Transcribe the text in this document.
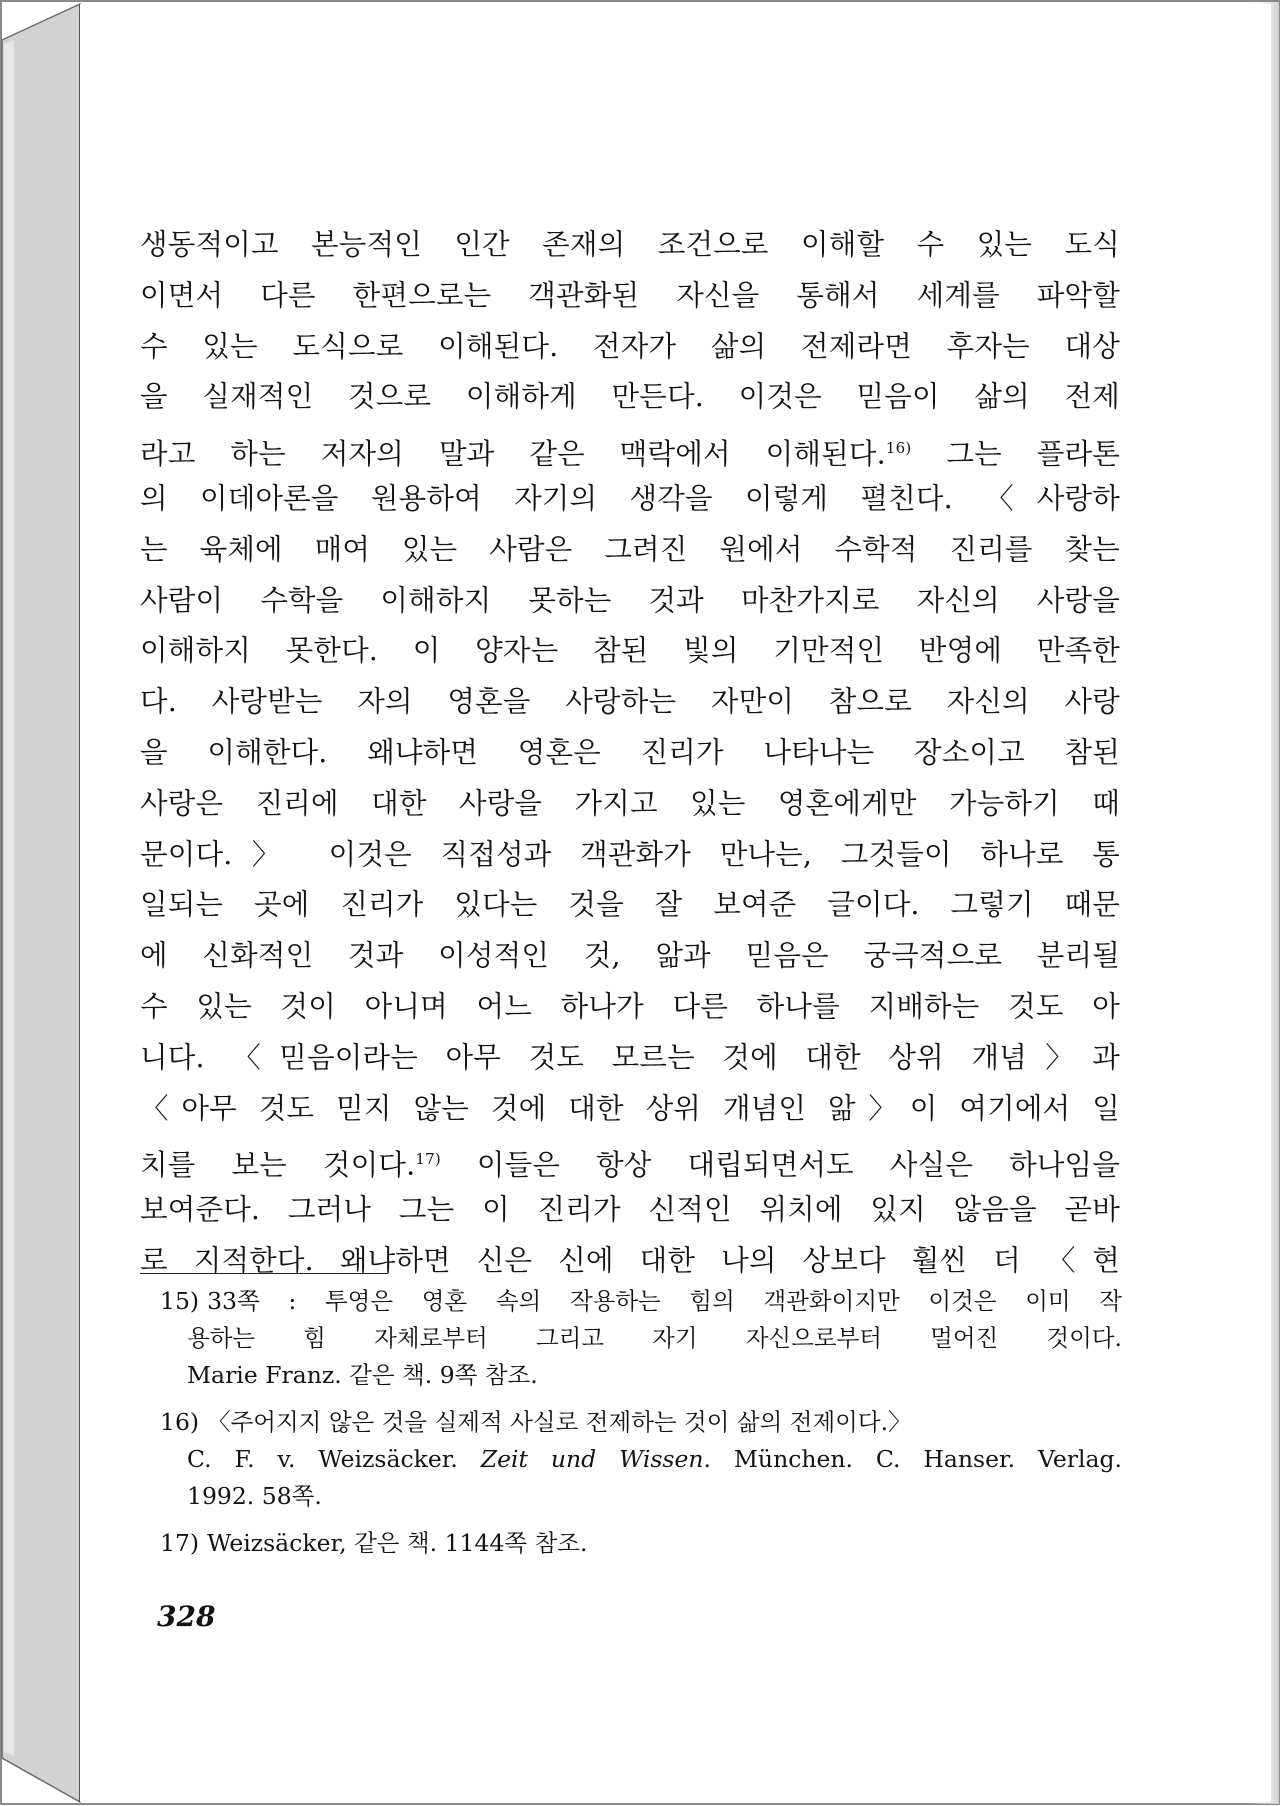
생동적이고 본능적인 인간 존재의 조건으로 이해할 수 있는 도식
이면서 다른 한편으로는 객관화된 자신을 통해서 세계를 파악할
수 있는 도식으로 이해된다. 전자가 삶의 전제라면 후자는 대상
을 실재적인 것으로 이해하게 만든다. 이것은 믿음이 삶의 전제
라고 하는 저자의 말과 같은 맥락에서 이해된다.$^{16)}$ 그는 플라톤
의 이데아론을 원용하여 자기의 생각을 이렇게 펼친다. 〈사랑하
는 육체에 매여 있는 사람은 그려진 원에서 수학적 진리를 찾는
사람이 수학을 이해하지 못하는 것과 마찬가지로 자신의 사랑을
이해하지 못한다. 이 양자는 참된 빛의 기만적인 반영에 만족한
다. 사랑받는 자의 영혼을 사랑하는 자만이 참으로 자신의 사랑
을 이해한다. 왜냐하면 영혼은 진리가 나타나는 장소이고 참된
사랑은 진리에 대한 사랑을 가지고 있는 영혼에게만 가능하기 때
문이다.〉 이것은 직접성과 객관화가 만나는, 그것들이 하나로 통
일되는 곳에 진리가 있다는 것을 잘 보여준 글이다. 그렇기 때문
에 신화적인 것과 이성적인 것, 앎과 믿음은 궁극적으로 분리될
수 있는 것이 아니며 어느 하나가 다른 하나를 지배하는 것도 아
니다. 〈믿음이라는 아무 것도 모르는 것에 대한 상위 개념〉과
〈아무 것도 믿지 않는 것에 대한 상위 개념인 앎〉이 여기에서 일
치를 보는 것이다.$^{17)}$ 이들은 항상 대립되면서도 사실은 하나임을
보여준다. 그러나 그는 이 진리가 신적인 위치에 있지 않음을 곧바
로 지적한다. 왜냐하면 신은 신에 대한 나의 상보다 훨씬 더 〈현
15) 33쪽 : 투영은 영혼 속의 작용하는 힘의 객관화이지만 이것은 이미 작
용하는 힘 자체로부터 그리고 자기 자신으로부터 멀어진 것이다.
Marie Franz. 같은 책. 9쪽 참조.
16) 〈주어지지 않은 것을 실제적 사실로 전제하는 것이 삶의 전제이다.〉
C. F. v. Weizsäcker. Zeit und Wissen. München. C. Hanser. Verlag.
1992. 58쪽.
17) Weizsäcker, 같은 책. 1144쪽 참조.
328
